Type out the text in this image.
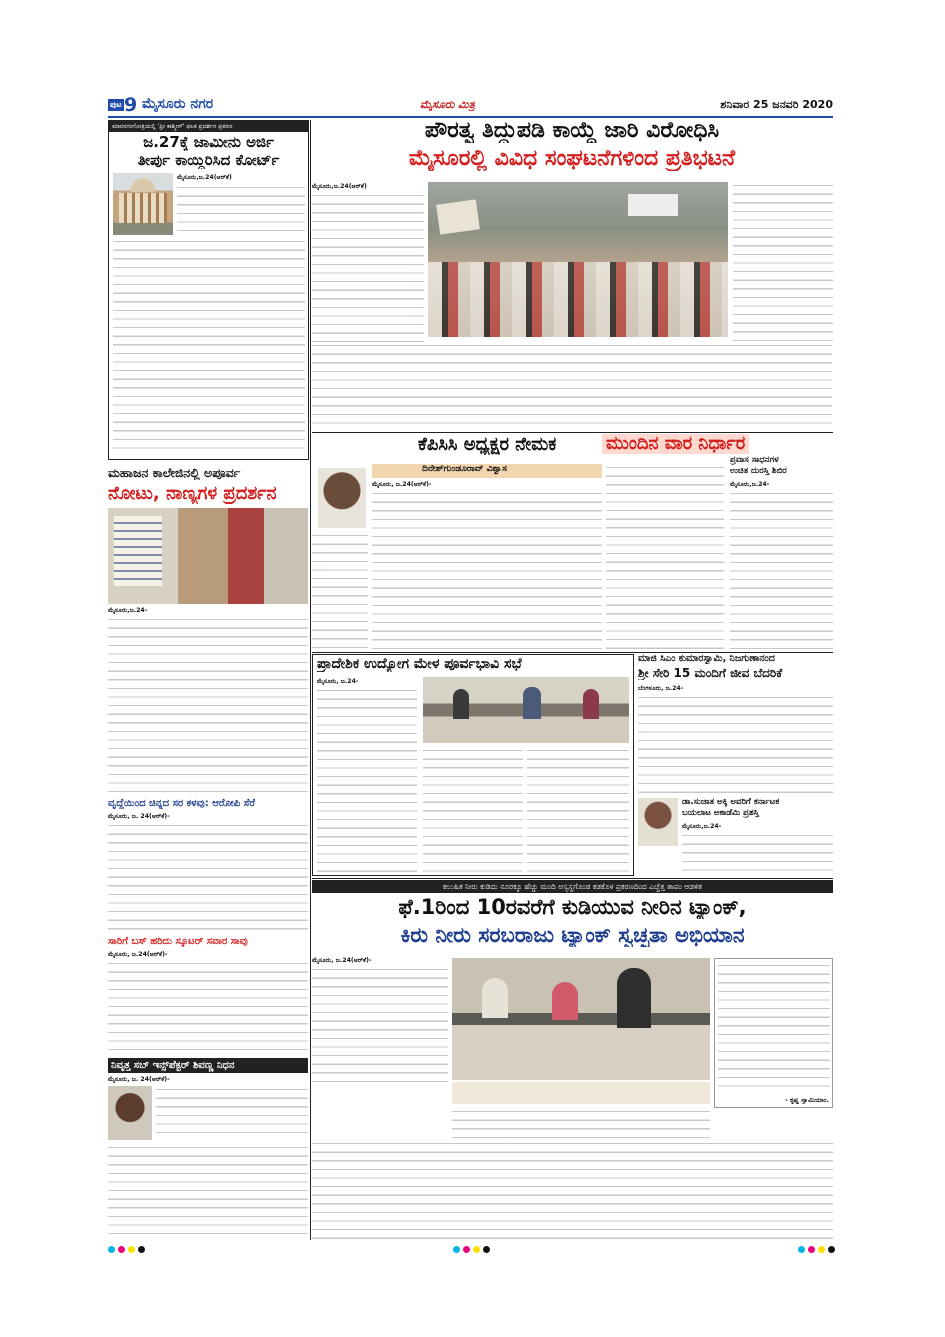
ಪುಟ 9 ಮೈಸೂರು ನಗರ	ಮೈಸೂರು ಮಿತ್ರ	ಶನಿವಾರ 25 ಜನವರಿ 2020
ಮಾನಸಗಂಗೋತ್ರಿಯಲ್ಲಿ 'ಫ್ರೀ ಕಾಶ್ಮೀರ್' ಫಲಕ ಪ್ರದರ್ಶನ ಪ್ರಕರಣ
ಜ.27ಕ್ಕೆ ಜಾಮೀನು ಅರ್ಜಿ
ತೀರ್ಪು ಕಾಯ್ದಿರಿಸಿದ ಕೋರ್ಟ್
ಮೈಸೂರು,ಜ.24(ಆರ್‌ಕೆ)
ಪೌರತ್ವ ತಿದ್ದುಪಡಿ ಕಾಯ್ದೆ ಜಾರಿ ವಿರೋಧಿಸಿ
ಮೈಸೂರಲ್ಲಿ ವಿವಿಧ ಸಂಘಟನೆಗಳಿಂದ ಪ್ರತಿಭಟನೆ
ಮೈಸೂರು,ಜ.24(ಆರ್‌ಕೆ)
ಮಹಾಜನ ಕಾಲೇಜಿನಲ್ಲಿ ಅಪೂರ್ವ
ನೋಟು, ನಾಣ್ಯಗಳ ಪ್ರದರ್ಶನ
ಮೈಸೂರು,ಜ.24-
ಕೆಪಿಸಿಸಿ ಅಧ್ಯಕ್ಷರ ನೇಮಕ	ಮುಂದಿನ ವಾರ ನಿರ್ಧಾರ
ದಿನೇಶ್‌ಗುಂಡೂರಾವ್ ವಿಶ್ವಾಸ
ಮೈಸೂರು, ಜ.24(ಆರ್‌ಕೆ)-
ಪ್ರವಾಸ ಸಾಧನಗಳ
ಉಚಿತ ದುರಸ್ತಿ ಶಿಬಿರ
ಮೈಸೂರು,ಜ.24-
ಪ್ರಾದೇಶಿಕ ಉದ್ಯೋಗ ಮೇಳ ಪೂರ್ವಭಾವಿ ಸಭೆ
ಮೈಸೂರು, ಜ.24-
ಮಾಜಿ ಸಿಎಂ ಕುಮಾರಸ್ವಾಮಿ, ನಿಜಗುಣಾನಂದ
ಶ್ರೀ ಸೇರಿ 15 ಮಂದಿಗೆ ಜೀವ ಬೆದರಿಕೆ
ಬೆಂಗಳೂರು, ಜ.24-
ಡಾ.ಸುಜಾತ ಅಕ್ಕಿ ಅವರಿಗೆ ಕರ್ನಾಟಕ
ಬಯಲಾಟ ಅಕಾಡೆಮಿ ಪ್ರಶಸ್ತಿ
ಮೈಸೂರು,ಜ.24-
ವೃದ್ಧೆಯಿಂದ ಚಿನ್ನದ ಸರ ಕಳವು: ಆರೋಪಿ ಸೆರೆ
ಮೈಸೂರು, ಜ. 24(ಆರ್‌ಕೆ)-
ಸಾರಿಗೆ ಬಸ್ ಹರಿದು ಸ್ಕೂಟರ್ ಸವಾರ ಸಾವು
ಮೈಸೂರು, ಜ.24(ಆರ್‌ಕೆ)-
ನಿವೃತ್ತ ಸಬ್ ಇನ್ಸ್‌ಪೆಕ್ಟರ್ ಶಿವಣ್ಣ ನಿಧನ
ಮೈಸೂರು, ಜ. 24(ಆರ್‌ಕೆ)-
ಕಲುಷಿತ ನೀರು ಕುಡಿದು ನೂರಕ್ಕೂ ಹೆಚ್ಚು ಮಂದಿ ಅಸ್ವಸ್ಥಗೊಂಡ ಕಡಕೊಳ ಪ್ರಕರಣದಿಂದ ಎಚ್ಚೆತ್ತ ತಾಪಂ ಆಡಳಿತ
ಫೆ.1ರಿಂದ 10ರವರೆಗೆ ಕುಡಿಯುವ ನೀರಿನ ಟ್ಯಾಂಕ್,
ಕಿರು ನೀರು ಸರಬರಾಜು ಟ್ಯಾಂಕ್ ಸ್ವಚ್ಛತಾ ಅಭಿಯಾನ
ಮೈಸೂರು, ಜ.24(ಆರ್‌ಕೆ)-
- ಕೃಷ್ಣ ಸ್ವಾಮಿಯಾಂ.
